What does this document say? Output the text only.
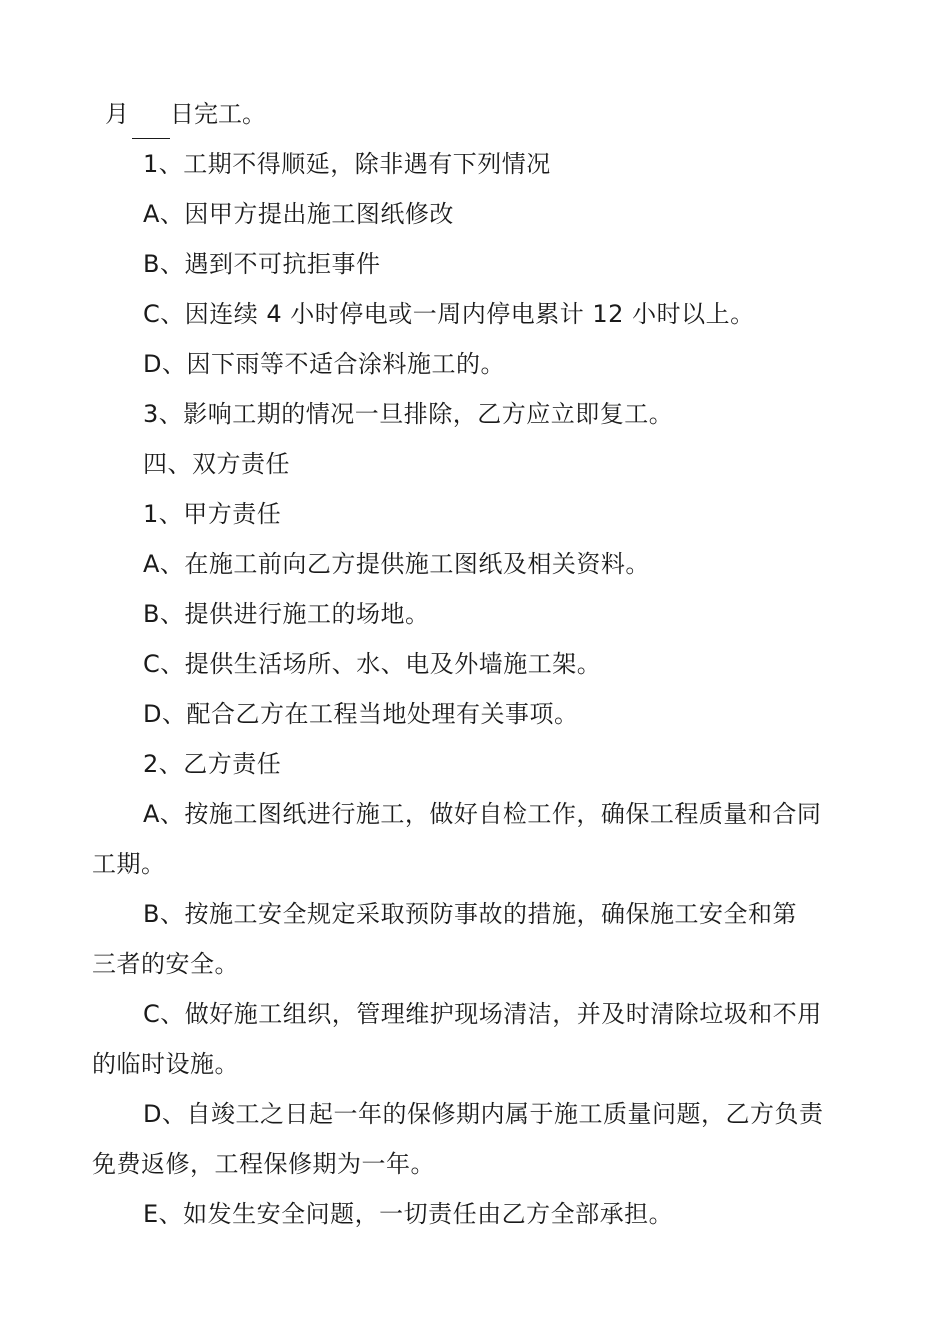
月 日完工。
1、工期不得顺延，除非遇有下列情况
A、因甲方提出施工图纸修改
B、遇到不可抗拒事件
C、因连续 4 小时停电或一周内停电累计 12 小时以上。
D、因下雨等不适合涂料施工的。
3、影响工期的情况一旦排除，乙方应立即复工。
四、双方责任
1、甲方责任
A、在施工前向乙方提供施工图纸及相关资料。
B、提供进行施工的场地。
C、提供生活场所、水、电及外墙施工架。
D、配合乙方在工程当地处理有关事项。
2、乙方责任
A、按施工图纸进行施工，做好自检工作，确保工程质量和合同
工期。
B、按施工安全规定采取预防事故的措施，确保施工安全和第
三者的安全。
C、做好施工组织，管理维护现场清洁，并及时清除垃圾和不用
的临时设施。
D、自竣工之日起一年的保修期内属于施工质量问题，乙方负责
免费返修，工程保修期为一年。
E、如发生安全问题，一切责任由乙方全部承担。
